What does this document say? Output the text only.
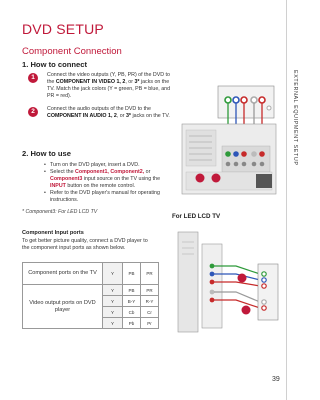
DVD SETUP
Component Connection
1. How to connect
1	Connect the video outputs (Y, PB, PR) of the DVD to the COMPONENT IN VIDEO 1, 2, or 3* jacks on the TV. Match the jack colors (Y = green, PB = blue, and PR = red).
2	Connect the audio outputs of the DVD to the COMPONENT IN AUDIO 1, 2, or 3* jacks on the TV.
2. How to use
• Turn on the DVD player, insert a DVD.
• Select the Component1, Component2, or Component3 input source on the TV using the INPUT button on the remote control.
• Refer to the DVD player's manual for operating instructions.
* Component3: For LED LCD TV
For LED LCD TV
Component Input ports
To get better picture quality, connect a DVD player to the component input ports as shown below.
Component ports on the TV	Y	PB	PR
Video output ports on DVD player	Y	PB	PR
	Y	B-Y	R-Y
	Y	Cb	Cr
	Y	Pb	Pr
EXTERNAL EQUIPMENT SETUP
39
